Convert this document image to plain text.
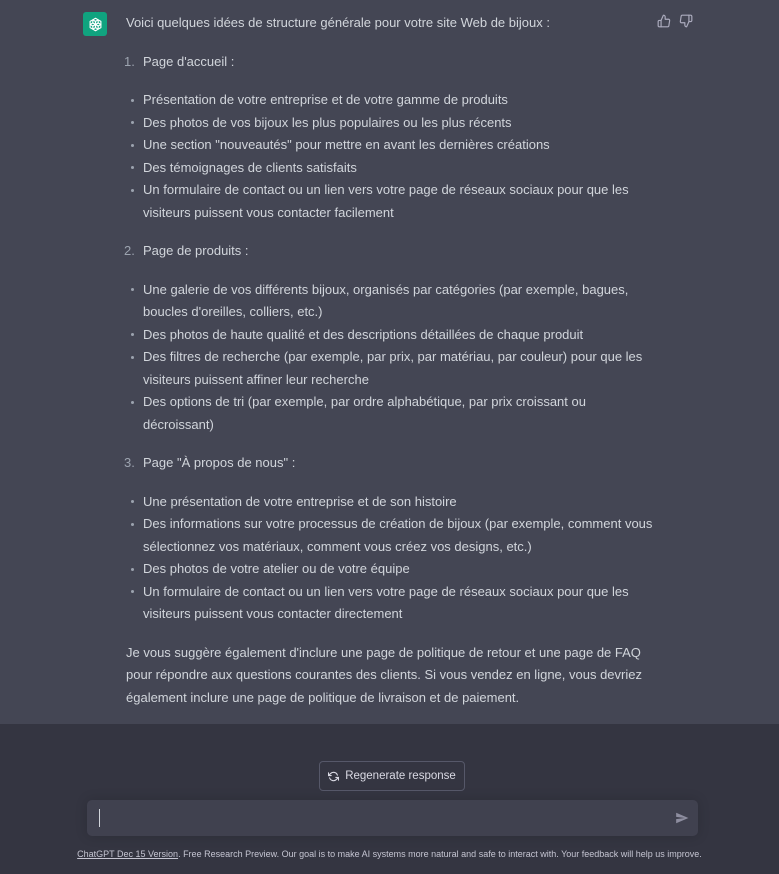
Voici quelques idées de structure générale pour votre site Web de bijoux :

1. Page d'accueil :
Présentation de votre entreprise et de votre gamme de produits
Des photos de vos bijoux les plus populaires ou les plus récents
Une section "nouveautés" pour mettre en avant les dernières créations
Des témoignages de clients satisfaits
Un formulaire de contact ou un lien vers votre page de réseaux sociaux pour que les visiteurs puissent vous contacter facilement
2. Page de produits :
Une galerie de vos différents bijoux, organisés par catégories (par exemple, bagues, boucles d'oreilles, colliers, etc.)
Des photos de haute qualité et des descriptions détaillées de chaque produit
Des filtres de recherche (par exemple, par prix, par matériau, par couleur) pour que les visiteurs puissent affiner leur recherche
Des options de tri (par exemple, par ordre alphabétique, par prix croissant ou décroissant)
3. Page "À propos de nous" :
Une présentation de votre entreprise et de son histoire
Des informations sur votre processus de création de bijoux (par exemple, comment vous sélectionnez vos matériaux, comment vous créez vos designs, etc.)
Des photos de votre atelier ou de votre équipe
Un formulaire de contact ou un lien vers votre page de réseaux sociaux pour que les visiteurs puissent vous contacter directement

Je vous suggère également d'inclure une page de politique de retour et une page de FAQ pour répondre aux questions courantes des clients. Si vous vendez en ligne, vous devriez également inclure une page de politique de livraison et de paiement.

Regenerate response
ChatGPT Dec 15 Version. Free Research Preview. Our goal is to make AI systems more natural and safe to interact with. Your feedback will help us improve.
